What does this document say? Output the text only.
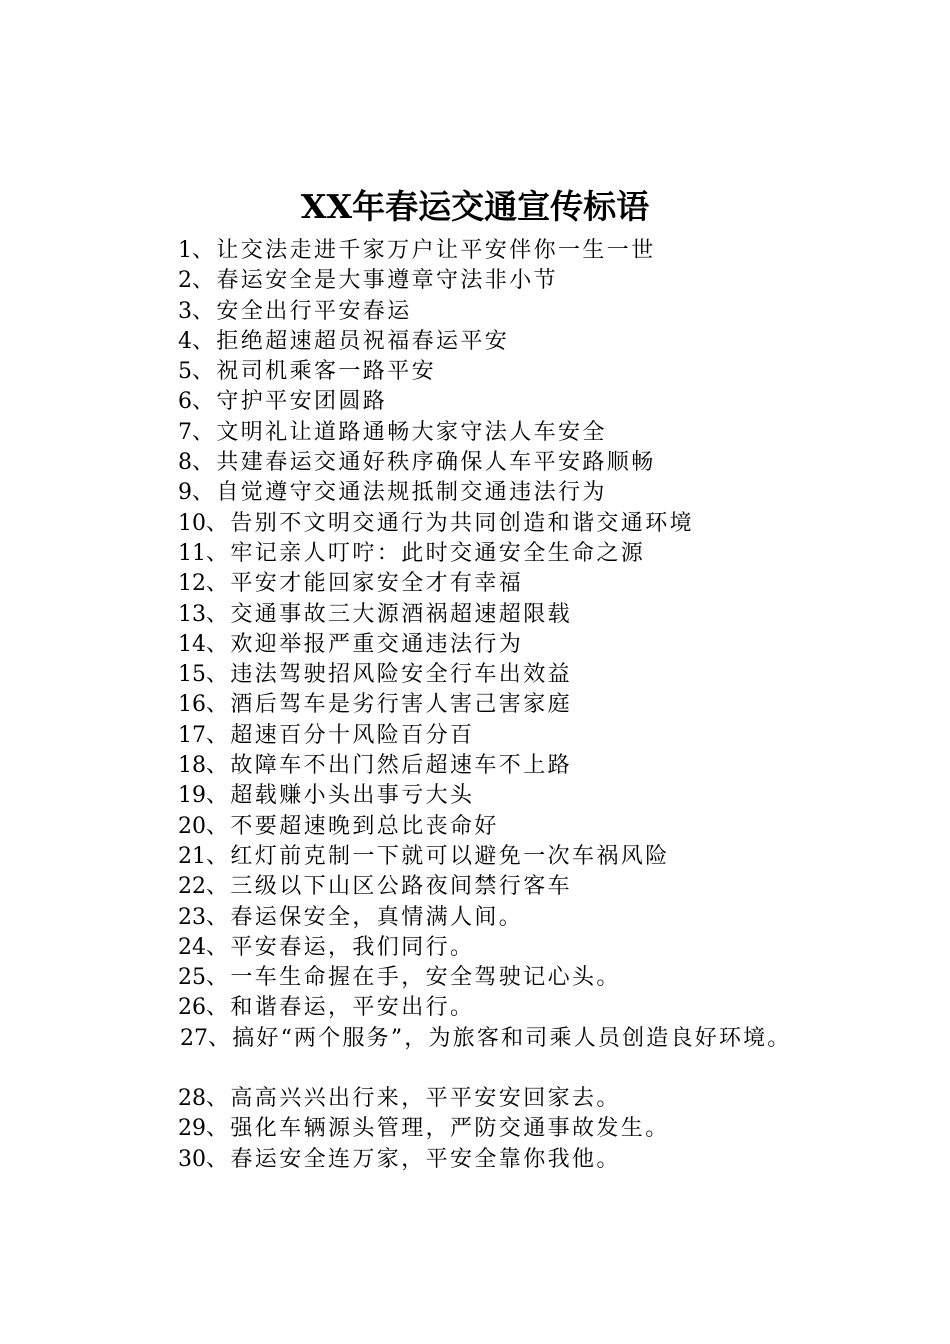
XX年春运交通宣传标语
1、让交法走进千家万户让平安伴你一生一世
2、春运安全是大事遵章守法非小节
3、安全出行平安春运
4、拒绝超速超员祝福春运平安
5、祝司机乘客一路平安
6、守护平安团圆路
7、文明礼让道路通畅大家守法人车安全
8、共建春运交通好秩序确保人车平安路顺畅
9、自觉遵守交通法规抵制交通违法行为
10、告别不文明交通行为共同创造和谐交通环境
11、牢记亲人叮咛：此时交通安全生命之源
12、平安才能回家安全才有幸福
13、交通事故三大源酒祸超速超限载
14、欢迎举报严重交通违法行为
15、违法驾驶招风险安全行车出效益
16、酒后驾车是劣行害人害己害家庭
17、超速百分十风险百分百
18、故障车不出门然后超速车不上路
19、超载赚小头出事亏大头
20、不要超速晚到总比丧命好
21、红灯前克制一下就可以避免一次车祸风险
22、三级以下山区公路夜间禁行客车
23、春运保安全，真情满人间。
24、平安春运，我们同行。
25、一车生命握在手，安全驾驶记心头。
26、和谐春运，平安出行。
27、搞好“两个服务”，为旅客和司乘人员创造良好环境。
28、高高兴兴出行来，平平安安回家去。
29、强化车辆源头管理，严防交通事故发生。
30、春运安全连万家，平安全靠你我他。
